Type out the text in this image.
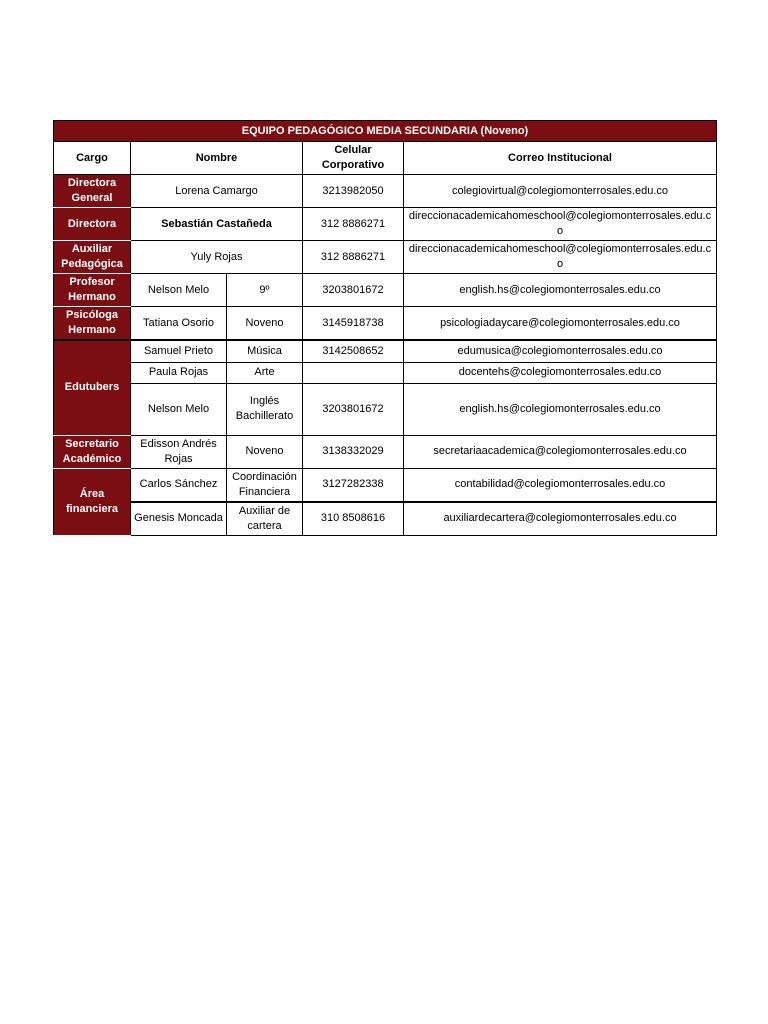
EQUIPO PEDAGÓGICO MEDIA SECUNDARIA (Noveno)				
Cargo	Nombre		Celular Corporativo	Correo Institucional
Directora General	Lorena Camargo		3213982050	colegiovirtual@colegiomonterrosales.edu.co
Directora	Sebastián Castañeda		312 8886271	direccionacademicahomeschool@colegiomonterrosales.edu.co
Auxiliar Pedagógica	Yuly Rojas		312 8886271	direccionacademicahomeschool@colegiomonterrosales.edu.co
Profesor Hermano	Nelson Melo	9º	3203801672	english.hs@colegiomonterrosales.edu.co
Psicóloga Hermano	Tatiana Osorio	Noveno	3145918738	psicologiadaycare@colegiomonterrosales.edu.co
Edutubers	Samuel Prieto	Música	3142508652	edumusica@colegiomonterrosales.edu.co
	Paula Rojas	Arte		docentehs@colegiomonterrosales.edu.co
	Nelson Melo	Inglés Bachillerato	3203801672	english.hs@colegiomonterrosales.edu.co
Secretario Académico	Edisson Andrés Rojas	Noveno	3138332029	secretariaacademica@colegiomonterrosales.edu.co
Área financiera	Carlos Sánchez	Coordinación Financiera	3127282338	contabilidad@colegiomonterrosales.edu.co
	Genesis Moncada	Auxiliar de cartera	310 8508616	auxiliardecartera@colegiomonterrosales.edu.co
